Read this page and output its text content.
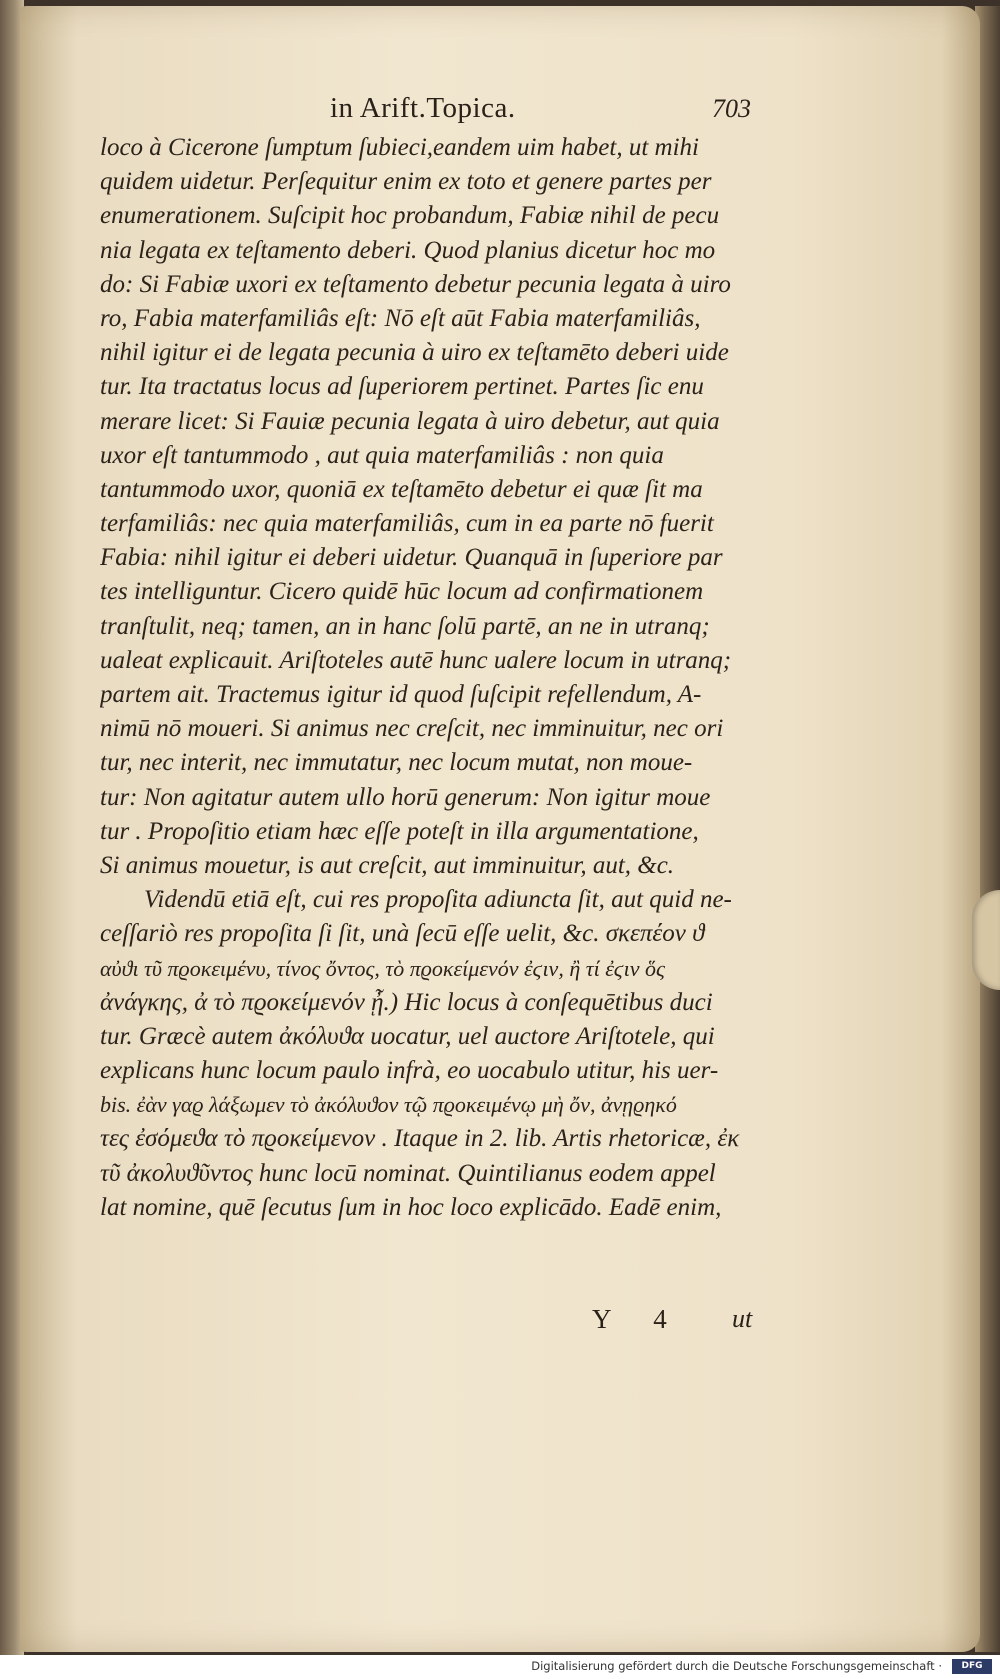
in Arift.Topica.	703
loco à Cicerone ſumptum ſubieci,eandem uim habet, ut mihi
quidem uidetur. Perſequitur enim ex toto et genere partes per
enumerationem. Suſcipit hoc probandum, Fabiæ nihil de pecu
nia legata ex teſtamento deberi. Quod planius dicetur hoc mo
do: Si Fabiæ uxori ex teſtamento debetur pecunia legata à uiro
ro, Fabia materfamiliâs eſt: Nō eſt aūt Fabia materfamiliâs,
nihil igitur ei de legata pecunia à uiro ex teſtamēto deberi uide
tur. Ita tractatus locus ad ſuperiorem pertinet. Partes ſic enu
merare licet: Si Fauiæ pecunia legata à uiro debetur, aut quia
uxor eſt tantummodo , aut quia materfamiliâs : non quia
tantummodo uxor, quoniā ex teſtamēto debetur ei quæ ſit ma
terfamiliâs: nec quia materfamiliâs, cum in ea parte nō fuerit
Fabia: nihil igitur ei deberi uidetur. Quanquā in ſuperiore par
tes intelliguntur. Cicero quidē hūc locum ad confirmationem
tranſtulit, neq; tamen, an in hanc ſolū partē, an ne in utranq;
ualeat explicauit. Ariſtoteles autē hunc ualere locum in utranq;
partem ait. Tractemus igitur id quod ſuſcipit refellendum, A-
nimū nō moueri. Si animus nec creſcit, nec imminuitur, nec ori
tur, nec interit, nec immutatur, nec locum mutat, non moue-
tur: Non agitatur autem ullo horū generum: Non igitur moue
tur . Propoſitio etiam hæc eſſe poteſt in illa argumentatione,
Si animus mouetur, is aut creſcit, aut imminuitur, aut, &c.
Videndū etiā eſt, cui res propoſita adiuncta ſit, aut quid ne-
ceſſariò res propoſita ſi ſit, unà ſecū eſſe uelit, &c. σκεπέον ϑ
αὐϑι τῦ πϱοκειμένυ, τίνος ὄντος, τὸ πϱοκείμενόν ἐϛιν, ἢ τί ἐϛιν ὅς
ἀνάγκης, ἀ τὸ πϱοκείμενόν ᾖ.) Hic locus à conſequētibus duci
tur. Græcè autem ἀκόλυϑα uocatur, uel auctore Ariſtotele, qui
explicans hunc locum paulo infrà, eo uocabulo utitur, his uer-
bis. ἐὰν γαϱ λάξωμεν τὸ ἀκόλυϑον τῷ πϱοκειμένῳ μὴ ὄν, ἀνῃϱηκό
τες ἐσόμεϑα τὸ πϱοκείμενον . Itaque in 2. lib. Artis rhetoricæ, ἐκ
τῦ ἀκολυϑῦντος hunc locū nominat. Quintilianus eodem appel
lat nomine, quē ſecutus ſum in hoc loco explicādo. Eadē enim,
Y 4 ut
Digitalisierung gefördert durch die Deutsche Forschungsgemeinschaft ·	DFG
